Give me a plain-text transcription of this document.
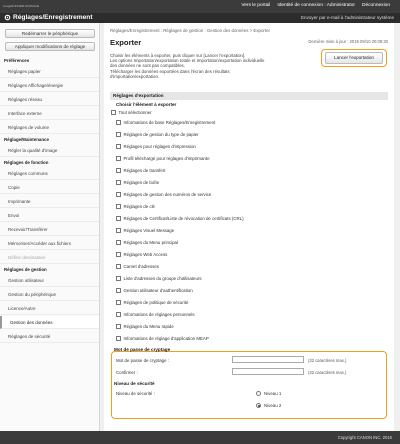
imageRUNNER ADVANCE	Vers le portail Identité de connexion : Administrator Déconnexion
Réglages/Enregistrement	Envoyer par e-mail à l'administrateur système
Redémarrer le périphérique
Appliquer modifications de réglage
Préférences
Réglages papier
Réglages Affichage/énergie
Réglages réseau
Interface externe
Réglages de volume
Réglage/Maintenance
Régler la qualité d'image
Réglages de fonction
Réglages communs
Copie
Imprimante
Envoi
Recevoir/Transférer
Mémoriser/Accéder aux fichiers
Définir destinataire
Réglages de gestion
Gestion utilisateur
Gestion du périphérique
Licence/Autre
Gestion des données
Réglages de sécurité
Réglages/Enregistrement : Réglages de gestion : Gestion des données > Exporter
Exporter	Dernière mise à jour : 2019 09/10 20:08:30
Choisir les éléments à exporter, puis cliquer sur [Lancer l'exportation].
Les options Importation/exportation totale et Importation/exportation individuelle
des données ne sont pas compatibles.
Télécharger les données exportées dans l'écran des résultats
d'importation/exportation.
Lancer l'exportation
Réglages d'exportation
Choisir l'élément à exporter
Tout sélectionner
Informations de base Réglages/Enregistrement
Réglages de gestion du type de papier
Réglages pour réglages d'impression
Profil téléchargé pour réglages d'imprimante
Réglages de transfert
Réglages de boîte
Réglages de gestion des numéros de service
Réglages de clé
Réglages de Certificat/Liste de révocation de certificats (CRL)
Réglages Visuel Message
Réglages du Menu principal
Réglages Web Access
Carnet d'adresses
Liste d'adresses du groupe d'utilisateurs
Gestion utilisateur d'authentification
Réglages de politique de sécurité
Informations de réglages personnels
Réglages du Menu rapide
Informations de réglage d'application MEAP
Mot de passe de cryptage
Mot de passe de cryptage :	(32 caractères max.)
Confirmer :	(32 caractères max.)
Niveau de sécurité
Niveau de sécurité :	Niveau 1
Niveau 2
Copyright CANON INC. 2016
